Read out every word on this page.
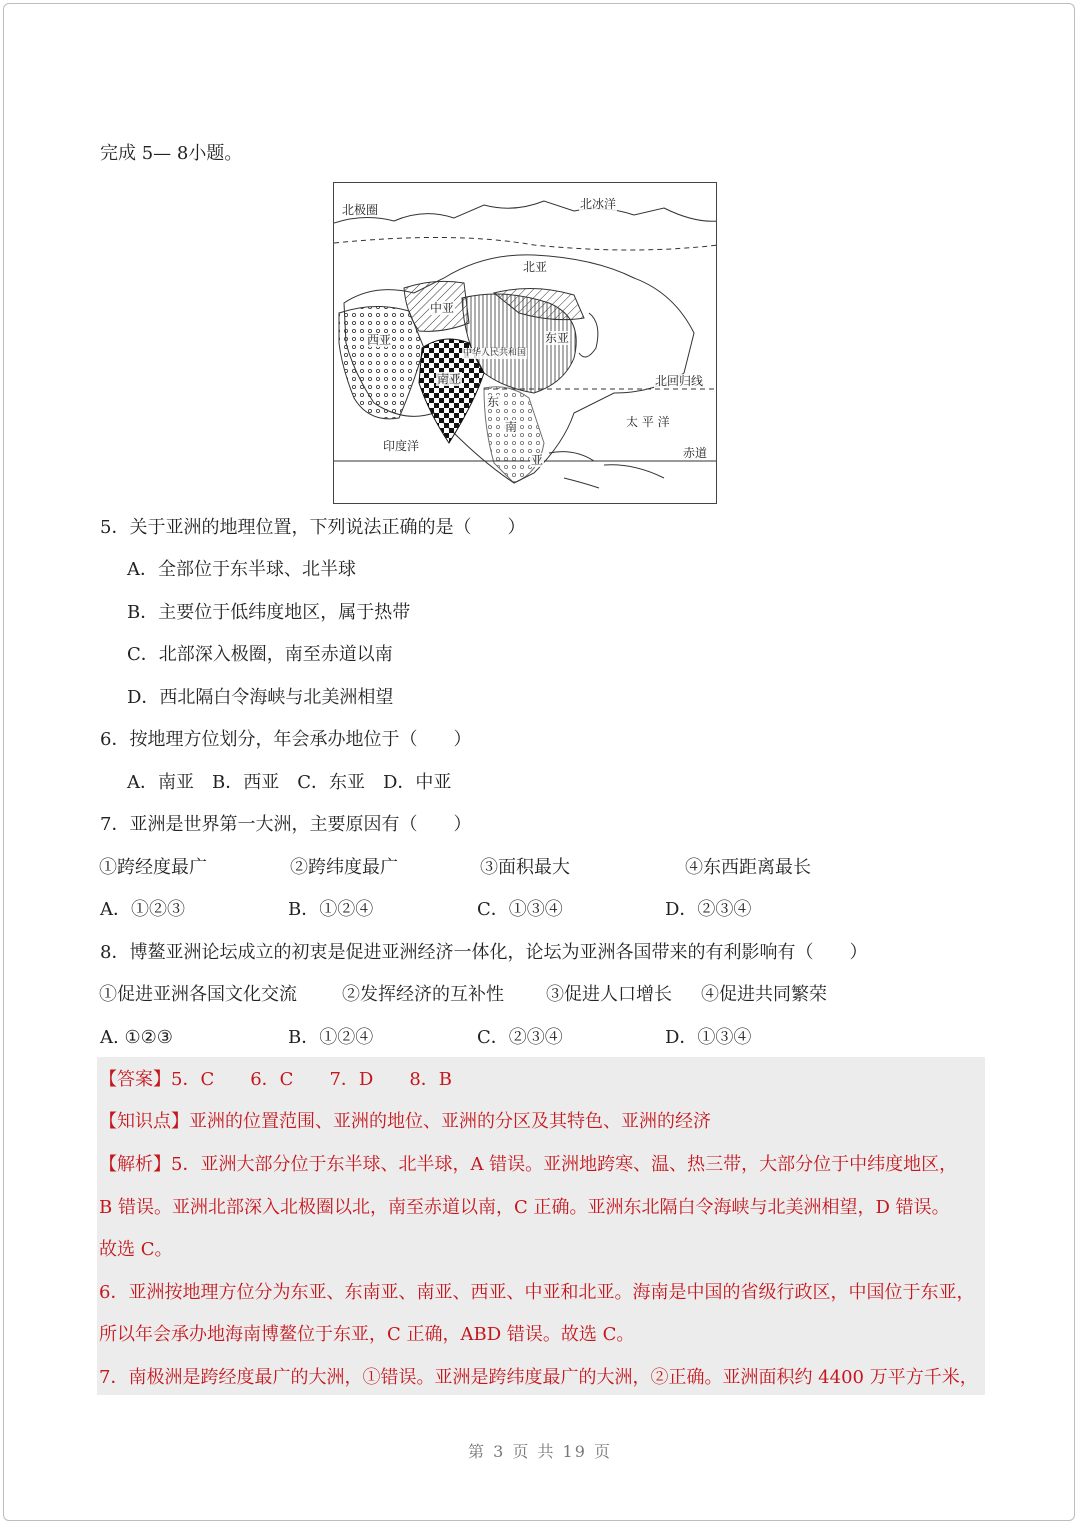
完成 5— 8小题。
北极圈	北冰洋
北亚
中亚
西亚	东亚
中华人民共和国
南亚	北回归线
东
太 平 洋
南
印度洋	赤道
亚
5．关于亚洲的地理位置，下列说法正确的是（　　）
A．全部位于东半球、北半球
B．主要位于低纬度地区，属于热带
C．北部深入极圈，南至赤道以南
D．西北隔白令海峡与北美洲相望
6．按地理方位划分，年会承办地位于（　　）
A．南亚　B．西亚　C．东亚　D．中亚
7．亚洲是世界第一大洲，主要原因有（　　）
①跨经度最广	②跨纬度最广	③面积最大	④东西距离最长
A．①②③	B．①②④	C．①③④	D．②③④
8．博鳌亚洲论坛成立的初衷是促进亚洲经济一体化，论坛为亚洲各国带来的有利影响有（　　）
①促进亚洲各国文化交流	②发挥经济的互补性 ③促进人口增长 ④促进共同繁荣
A. ①②③	B．①②④	C．②③④	D．①③④
【答案】5．C　　6．C　　7．D　　8．B
【知识点】亚洲的位置范围、亚洲的地位、亚洲的分区及其特色、亚洲的经济
【解析】5．亚洲大部分位于东半球、北半球，A 错误。亚洲地跨寒、温、热三带，大部分位于中纬度地区，
B 错误。亚洲北部深入北极圈以北，南至赤道以南，C 正确。亚洲东北隔白令海峡与北美洲相望，D 错误。
故选 C。
6．亚洲按地理方位分为东亚、东南亚、南亚、西亚、中亚和北亚。海南是中国的省级行政区，中国位于东亚，
所以年会承办地海南博鳌位于东亚，C 正确，ABD 错误。故选 C。
7．南极洲是跨经度最广的大洲，①错误。亚洲是跨纬度最广的大洲，②正确。亚洲面积约 4400 万平方千米，
第 3 页 共 19 页
